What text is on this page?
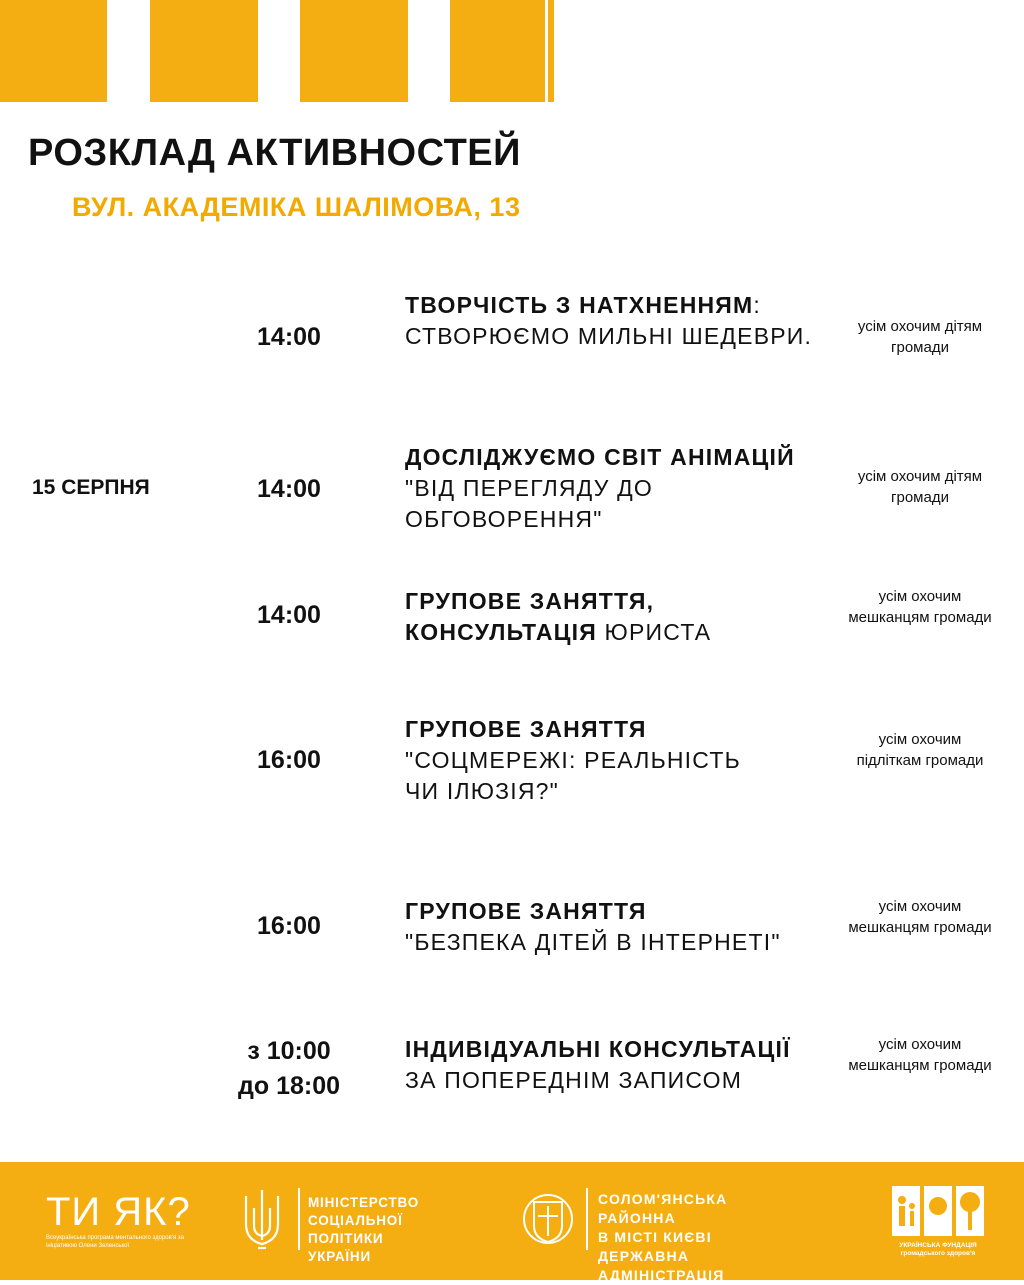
РОЗКЛАД АКТИВНОСТЕЙ
ВУЛ. АКАДЕМІКА ШАЛІМОВА, 13
15 СЕРПНЯ
14:00
ТВОРЧІСТЬ З НАТХНЕННЯМ: СТВОРЮЄМО МИЛЬНІ ШЕДЕВРИ.	усім охочим дітям громади
14:00
ДОСЛІДЖУЄМО СВІТ АНІМАЦІЙ "ВІД ПЕРЕГЛЯДУ ДО ОБГОВОРЕННЯ"
усім охочим дітям громади
14:00	ГРУПОВЕ ЗАНЯТТЯ, КОНСУЛЬТАЦІЯ ЮРИСТА
усім охочим мешканцям громади
16:00
ГРУПОВЕ ЗАНЯТТЯ
"СОЦМЕРЕЖІ: РЕАЛЬНІСТЬ ЧИ ІЛЮЗІЯ?"
усім охочим підліткам громади
16:00
ГРУПОВЕ ЗАНЯТТЯ
"БЕЗПЕКА ДІТЕЙ В ІНТЕРНЕТІ"
усім охочим мешканцям громади
з 10:00
до 18:00
ІНДИВІДУАЛЬНІ КОНСУЛЬТАЦІЇ
ЗА ПОПЕРЕДНІМ ЗАПИСОМ
усім охочим мешканцям громади
ТИ ЯК?
Всеукраїнська програма ментального здоров'я за ініціативою Олени Зеленської
МІНІСТЕРСТВО
СОЦІАЛЬНОЇ ПОЛІТИКИ
УКРАЇНИ
СОЛОМ'ЯНСЬКА РАЙОННА
В МІСТІ КИЄВІ
ДЕРЖАВНА АДМІНІСТРАЦІЯ
УКРАЇНСЬКА ФУНДАЦІЯ
громадського здоров'я
